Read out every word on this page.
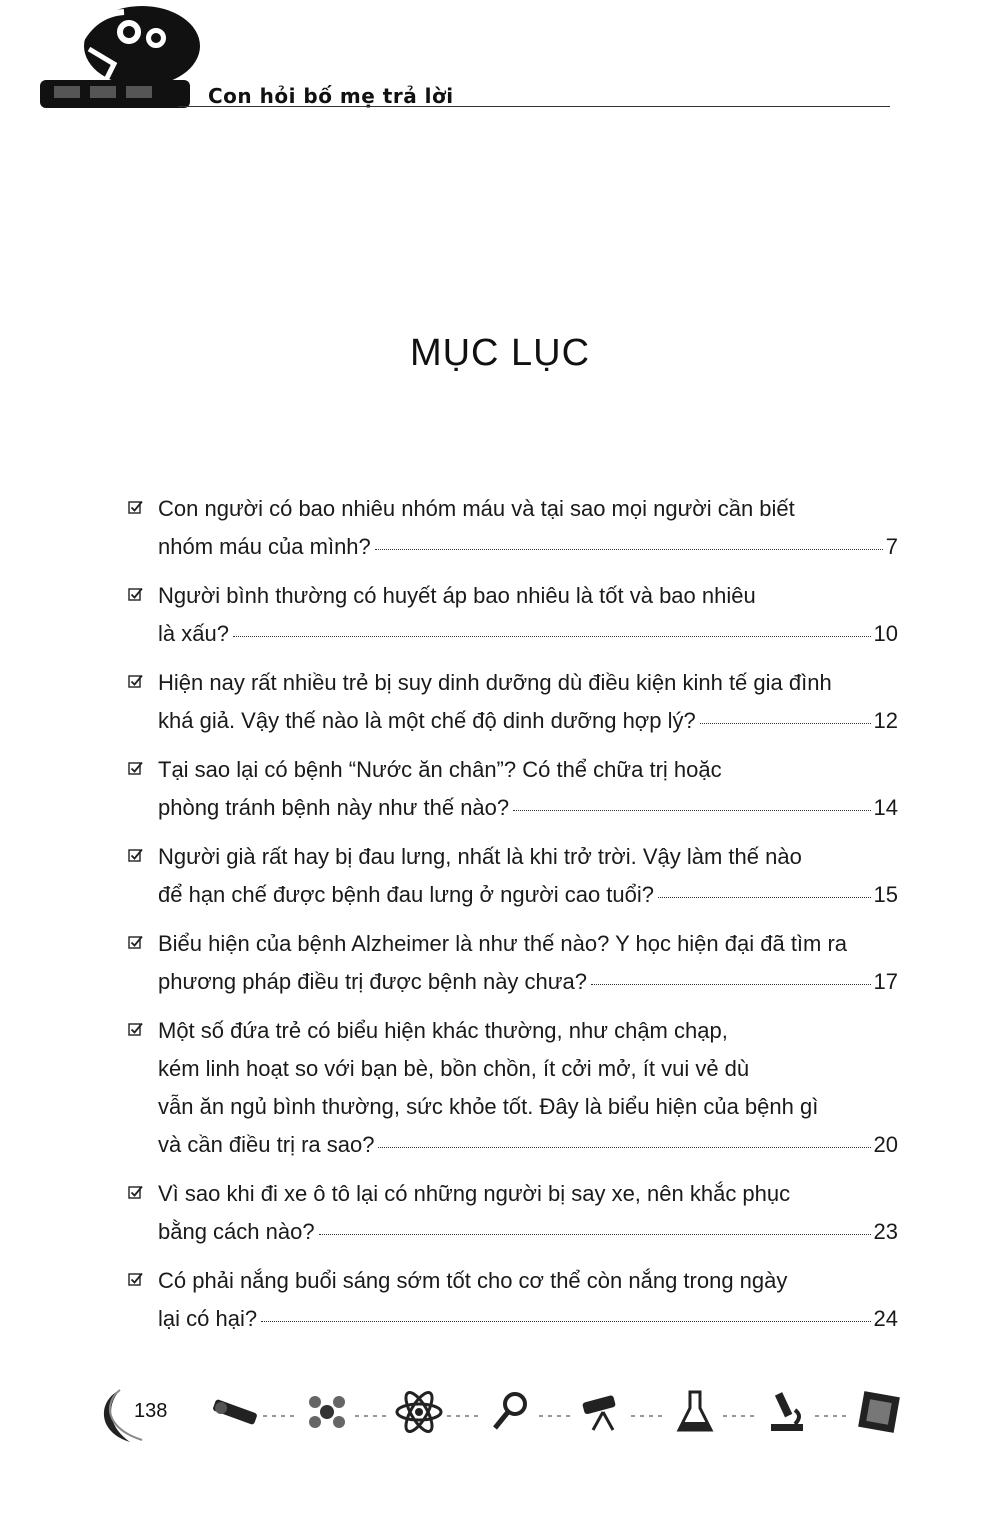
Con hỏi bố mẹ trả lời
MỤC LỤC
Con người có bao nhiêu nhóm máu và tại sao mọi người cần biết
nhóm máu của mình?	7
Người bình thường có huyết áp bao nhiêu là tốt và bao nhiêu
là xấu?	10
Hiện nay rất nhiều trẻ bị suy dinh dưỡng dù điều kiện kinh tế gia đình
khá giả. Vậy thế nào là một chế độ dinh dưỡng hợp lý?	12
Tại sao lại có bệnh “Nước ăn chân”? Có thể chữa trị hoặc
phòng tránh bệnh này như thế nào?	14
Người già rất hay bị đau lưng, nhất là khi trở trời. Vậy làm thế nào
để hạn chế được bệnh đau lưng ở người cao tuổi?	15
Biểu hiện của bệnh Alzheimer là như thế nào? Y học hiện đại đã tìm ra
phương pháp điều trị được bệnh này chưa?	17
Một số đứa trẻ có biểu hiện khác thường, như chậm chạp,
kém linh hoạt so với bạn bè, bồn chồn, ít cởi mở, ít vui vẻ dù
vẫn ăn ngủ bình thường, sức khỏe tốt. Đây là biểu hiện của bệnh gì
và cần điều trị ra sao?	20
Vì sao khi đi xe ô tô lại có những người bị say xe, nên khắc phục
bằng cách nào?	23
Có phải nắng buổi sáng sớm tốt cho cơ thể còn nắng trong ngày
lại có hại?	24
138
